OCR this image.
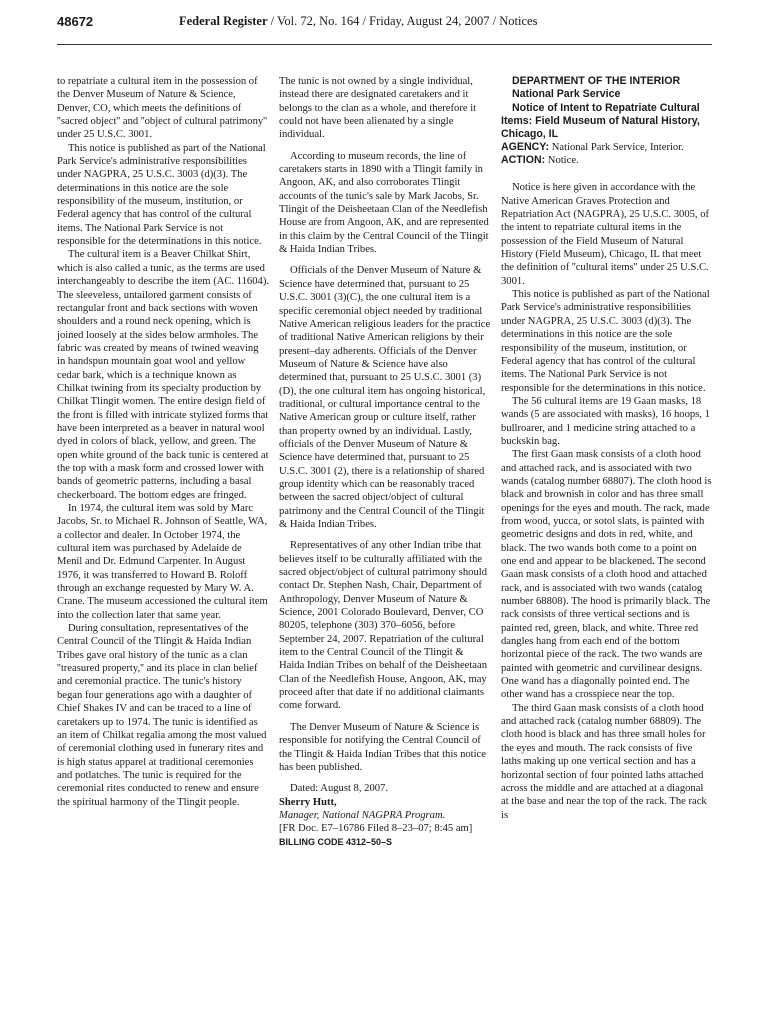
48672	Federal Register / Vol. 72, No. 164 / Friday, August 24, 2007 / Notices

to repatriate a cultural item in the possession of the Denver Museum of Nature & Science, Denver, CO, which meets the definitions of ''sacred object'' and ''object of cultural patrimony'' under 25 U.S.C. 3001.

This notice is published as part of the National Park Service's administrative responsibilities under NAGPRA, 25 U.S.C. 3003 (d)(3). The determinations in this notice are the sole responsibility of the museum, institution, or Federal agency that has control of the cultural items. The National Park Service is not responsible for the determinations in this notice.

The cultural item is a Beaver Chilkat Shirt, which is also called a tunic, as the terms are used interchangeably to describe the item (AC. 11604). The sleeveless, untailored garment consists of rectangular front and back sections with woven shoulders and a round neck opening, which is joined loosely at the sides below armholes. The fabric was created by means of twined weaving in handspun mountain goat wool and yellow cedar bark, which is a technique known as Chilkat twining from its specialty production by Chilkat Tlingit women. The entire design field of the front is filled with intricate stylized forms that have been interpreted as a beaver in natural wool dyed in colors of black, yellow, and green. The open white ground of the back tunic is centered at the top with a mask form and crossed lower with bands of geometric patterns, including a basal checkerboard. The bottom edges are fringed.

In 1974, the cultural item was sold by Marc Jacobs, Sr. to Michael R. Johnson of Seattle, WA, a collector and dealer. In October 1974, the cultural item was purchased by Adelaide de Menil and Dr. Edmund Carpenter. In August 1976, it was transferred to Howard B. Roloff through an exchange requested by Mary W. A. Crane. The museum accessioned the cultural item into the collection later that same year.

During consultation, representatives of the Central Council of the Tlingit & Haida Indian Tribes gave oral history of the tunic as a clan ''treasured property,'' and its place in clan belief and ceremonial practice. The tunic's history began four generations ago with a daughter of Chief Shakes IV and can be traced to a line of caretakers up to 1974. The tunic is identified as an item of Chilkat regalia among the most valued of ceremonial clothing used in funerary rites and is high status apparel at traditional ceremonies and potlatches. The tunic is required for the ceremonial rites conducted to renew and ensure the spiritual harmony of the Tlingit people.

The tunic is not owned by a single individual, instead there are designated caretakers and it belongs to the clan as a whole, and therefore it could not have been alienated by a single individual.

According to museum records, the line of caretakers starts in 1890 with a Tlingit family in Angoon, AK, and also corroborates Tlingit accounts of the tunic's sale by Mark Jacobs, Sr. Tlingit of the Deisheetaan Clan of the Needlefish House are from Angoon, AK, and are represented in this claim by the Central Council of the Tlingit & Haida Indian Tribes.

Officials of the Denver Museum of Nature & Science have determined that, pursuant to 25 U.S.C. 3001 (3)(C), the one cultural item is a specific ceremonial object needed by traditional Native American religious leaders for the practice of traditional Native American religions by their present–day adherents. Officials of the Denver Museum of Nature & Science have also determined that, pursuant to 25 U.S.C. 3001 (3)(D), the one cultural item has ongoing historical, traditional, or cultural importance central to the Native American group or culture itself, rather than property owned by an individual. Lastly, officials of the Denver Museum of Nature & Science have determined that, pursuant to 25 U.S.C. 3001 (2), there is a relationship of shared group identity which can be reasonably traced between the sacred object/object of cultural patrimony and the Central Council of the Tlingit & Haida Indian Tribes.

Representatives of any other Indian tribe that believes itself to be culturally affiliated with the sacred object/object of cultural patrimony should contact Dr. Stephen Nash, Chair, Department of Anthropology, Denver Museum of Nature & Science, 2001 Colorado Boulevard, Denver, CO 80205, telephone (303) 370–6056, before September 24, 2007. Repatriation of the cultural item to the Central Council of the Tlingit & Haida Indian Tribes on behalf of the Deisheetaan Clan of the Needlefish House, Angoon, AK, may proceed after that date if no additional claimants come forward.

The Denver Museum of Nature & Science is responsible for notifying the Central Council of the Tlingit & Haida Indian Tribes that this notice has been published.

Dated: August 8, 2007.

Sherry Hutt,

Manager, National NAGPRA Program.

[FR Doc. E7–16786 Filed 8–23–07; 8:45 am]

BILLING CODE 4312–50–S

DEPARTMENT OF THE INTERIOR

National Park Service

Notice of Intent to Repatriate Cultural Items: Field Museum of Natural History, Chicago, IL

AGENCY: National Park Service, Interior.

ACTION: Notice.

Notice is here given in accordance with the Native American Graves Protection and Repatriation Act (NAGPRA), 25 U.S.C. 3005, of the intent to repatriate cultural items in the possession of the Field Museum of Natural History (Field Museum), Chicago, IL that meet the definition of ''cultural items'' under 25 U.S.C. 3001.

This notice is published as part of the National Park Service's administrative responsibilities under NAGPRA, 25 U.S.C. 3003 (d)(3). The determinations in this notice are the sole responsibility of the museum, institution, or Federal agency that has control of the cultural items. The National Park Service is not responsible for the determinations in this notice.

The 56 cultural items are 19 Gaan masks, 18 wands (5 are associated with masks), 16 hoops, 1 bullroarer, and 1 medicine string attached to a buckskin bag.

The first Gaan mask consists of a cloth hood and attached rack, and is associated with two wands (catalog number 68807). The cloth hood is black and brownish in color and has three small openings for the eyes and mouth. The rack, made from wood, yucca, or sotol slats, is painted with geometric designs and dots in red, white, and black. The two wands both come to a point on one end and appear to be blackened. The second Gaan mask consists of a cloth hood and attached rack, and is associated with two wands (catalog number 68808). The hood is primarily black. The rack consists of three vertical sections and is painted red, green, black, and white. Three red dangles hang from each end of the bottom horizontal piece of the rack. The two wands are painted with geometric and curvilinear designs. One wand has a diagonally pointed end. The other wand has a crosspiece near the top.

The third Gaan mask consists of a cloth hood and attached rack (catalog number 68809). The cloth hood is black and has three small holes for the eyes and mouth. The rack consists of five laths making up one vertical section and has a horizontal section of four pointed laths attached across the middle and are attached at a diagonal at the base and near the top of the rack. The rack is
